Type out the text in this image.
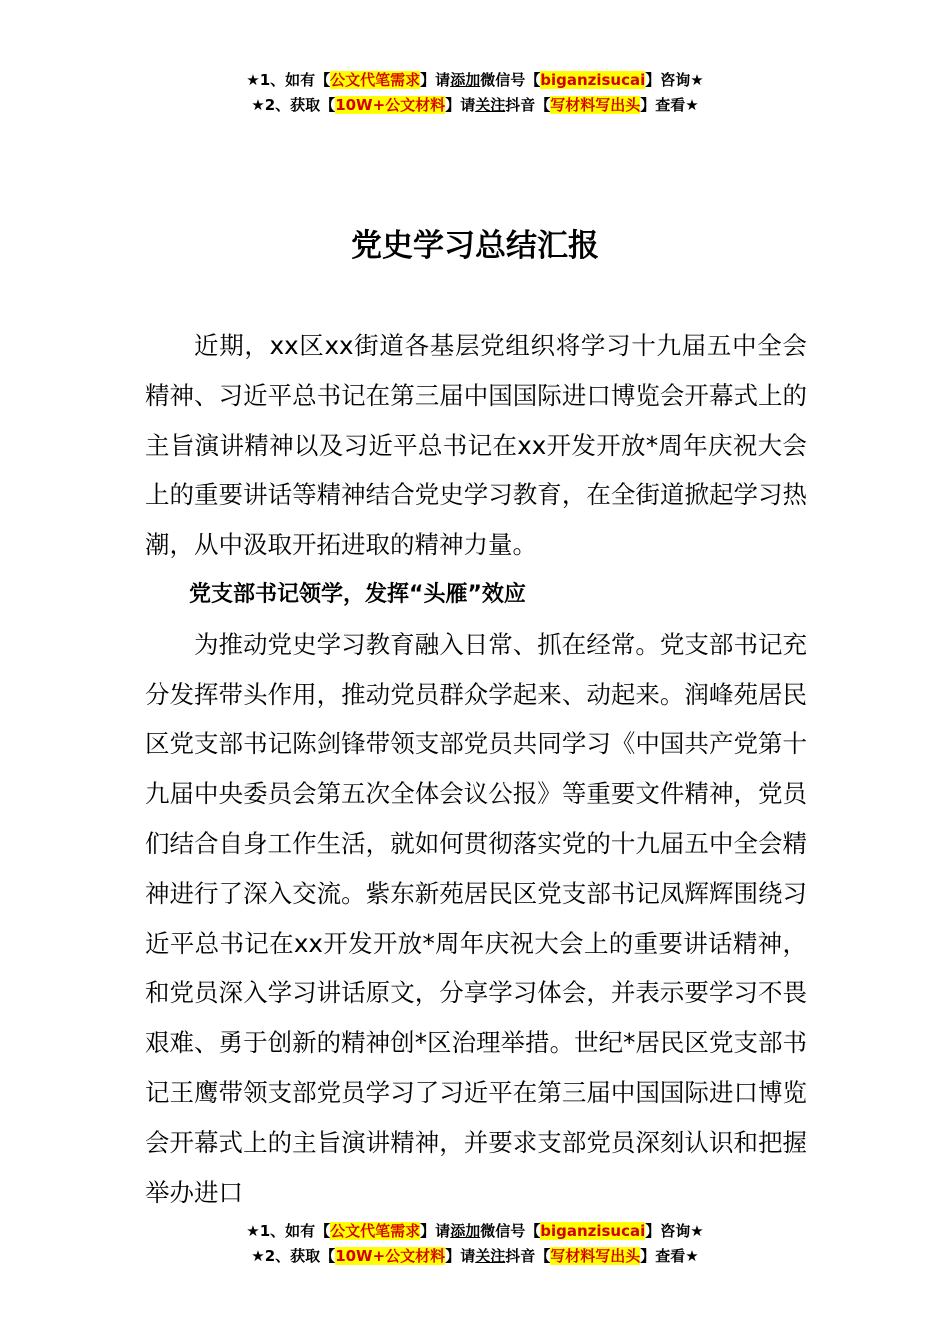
★1、如有【公文代笔需求】请添加微信号【biganzisucai】咨询★
★2、获取【10W+公文材料】请关注抖音【写材料写出头】查看★
党史学习总结汇报

近期，xx区xx街道各基层党组织将学习十九届五中全会精神、习近平总书记在第三届中国国际进口博览会开幕式上的主旨演讲精神以及习近平总书记在xx开发开放*周年庆祝大会上的重要讲话等精神结合党史学习教育，在全街道掀起学习热潮，从中汲取开拓进取的精神力量。

党支部书记领学，发挥“头雁”效应

为推动党史学习教育融入日常、抓在经常。党支部书记充分发挥带头作用，推动党员群众学起来、动起来。润峰苑居民区党支部书记陈剑锋带领支部党员共同学习《中国共产党第十九届中央委员会第五次全体会议公报》等重要文件精神，党员们结合自身工作生活，就如何贯彻落实党的十九届五中全会精神进行了深入交流。紫东新苑居民区党支部书记凤辉辉围绕习近平总书记在xx开发开放*周年庆祝大会上的重要讲话精神，和党员深入学习讲话原文，分享学习体会，并表示要学习不畏艰难、勇于创新的精神创*区治理举措。世纪*居民区党支部书记王鹰带领支部党员学习了习近平在第三届中国国际进口博览会开幕式上的主旨演讲精神，并要求支部党员深刻认识和把握举办进口

★1、如有【公文代笔需求】请添加微信号【biganzisucai】咨询★
★2、获取【10W+公文材料】请关注抖音【写材料写出头】查看★
